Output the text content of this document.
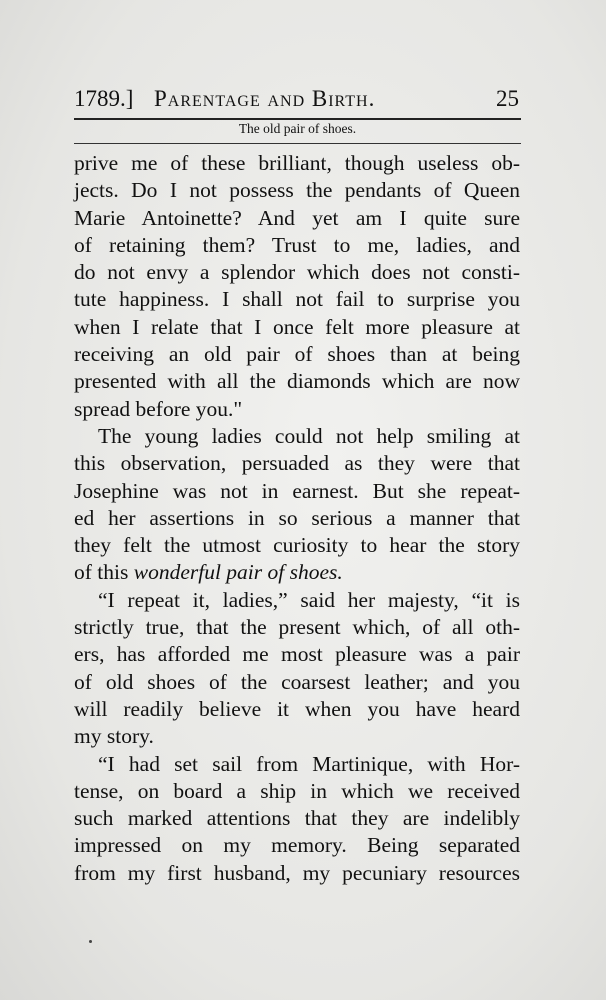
1789.] Parentage and Birth.	25
The old pair of shoes.
prive me of these brilliant, though useless ob-
jects. Do I not possess the pendants of Queen
Marie Antoinette? And yet am I quite sure
of retaining them? Trust to me, ladies, and
do not envy a splendor which does not consti-
tute happiness. I shall not fail to surprise you
when I relate that I once felt more pleasure at
receiving an old pair of shoes than at being
presented with all the diamonds which are now
spread before you."
The young ladies could not help smiling at
this observation, persuaded as they were that
Josephine was not in earnest. But she repeat-
ed her assertions in so serious a manner that
they felt the utmost curiosity to hear the story
of this wonderful pair of shoes.
“I repeat it, ladies,” said her majesty, “it is
strictly true, that the present which, of all oth-
ers, has afforded me most pleasure was a pair
of old shoes of the coarsest leather; and you
will readily believe it when you have heard
my story.
“I had set sail from Martinique, with Hor-
tense, on board a ship in which we received
such marked attentions that they are indelibly
impressed on my memory. Being separated
from my first husband, my pecuniary resources
